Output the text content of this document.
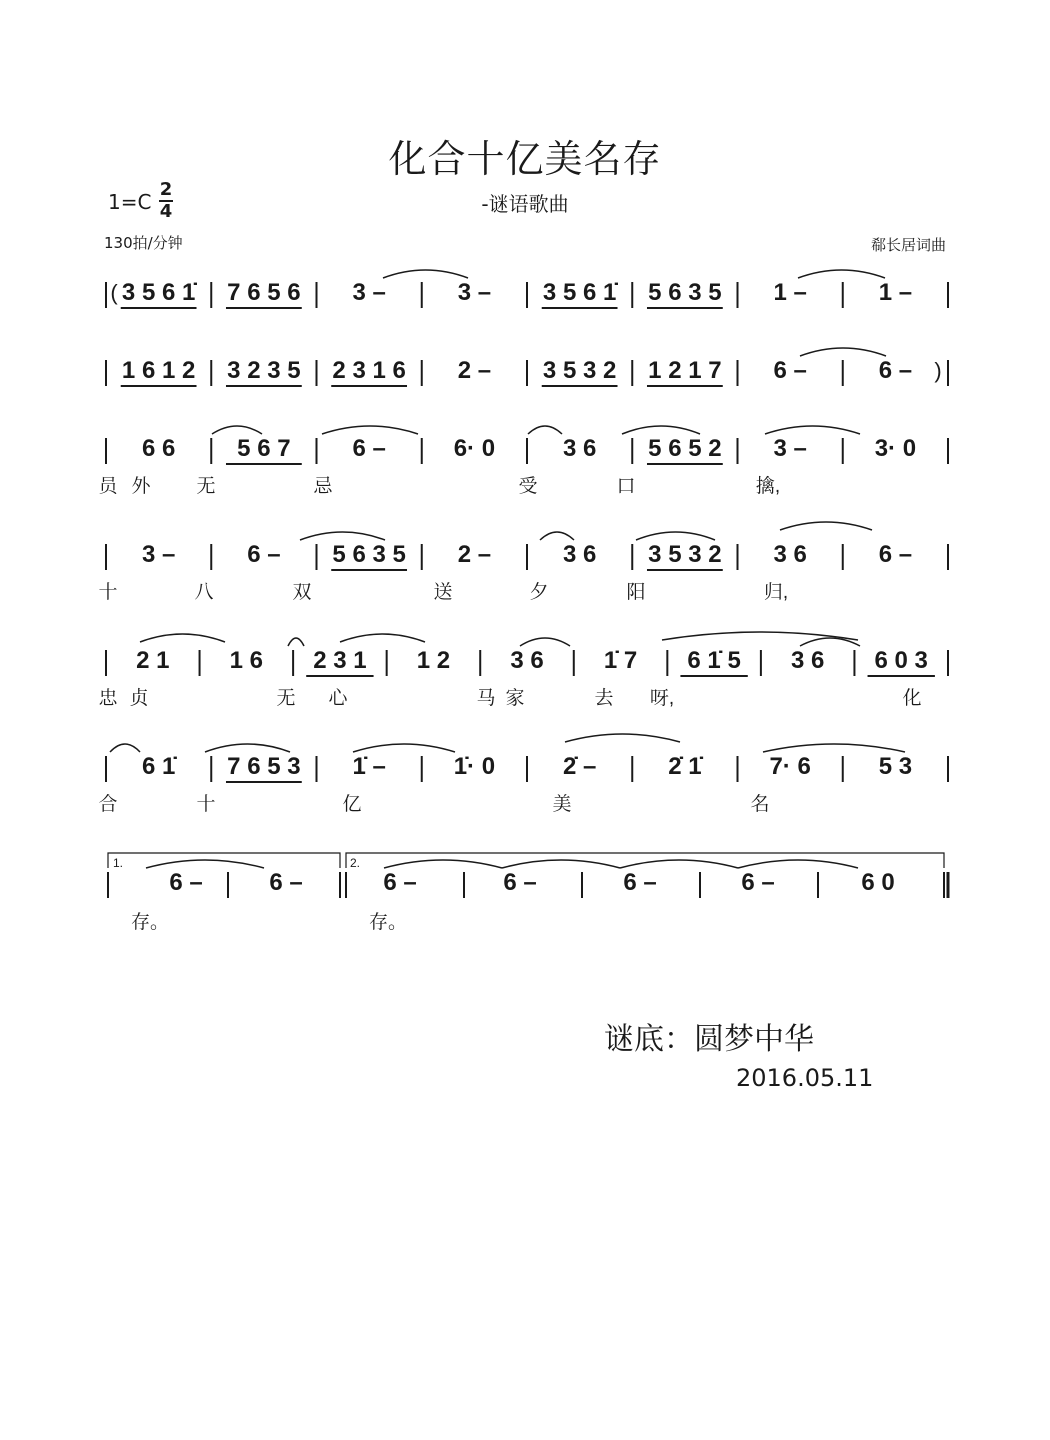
化合十亿美名存
-谜语歌曲
1=C
2
4
130拍/分钟	郗长居词曲
3 5 6 1̇ 7 6 5 6 3 –	3 – 3 5 6 1̇ 5 6 3 5 1 –	1 –
(
1 6 1 2 3 2 3 5 2 3 1 6 2 – 3 5 3 2 1 2 1 7 6 –	6 – )
6 6	5 6 7	6 –	6· 0	3 6 5 6 5 2 3 –	3· 0
员 外 无	忌	受	口	擒,
3 –	6 – 5 6 3 5 2 –	3 6 3 5 3 2 3 6	6 –
十	八	双	送	夕	阳	归,
2 1	1 6 2 3 1 1 2	3 6	1̇ 7 6 1̇ 5 3 6 6 0 3
忠 贞	无 心	马 家	去 呀,	化
6 1̇ 7 6 5 3 1̇ –	1̇· 0	2̇ –	2̇ 1̇	7· 6	5 3
合	十	亿	美	名
1.	2.
6 –	6 –	6 –	6 –	6 –	6 –	6 0
存。	存。
谜底：圆梦中华
2016.05.11
